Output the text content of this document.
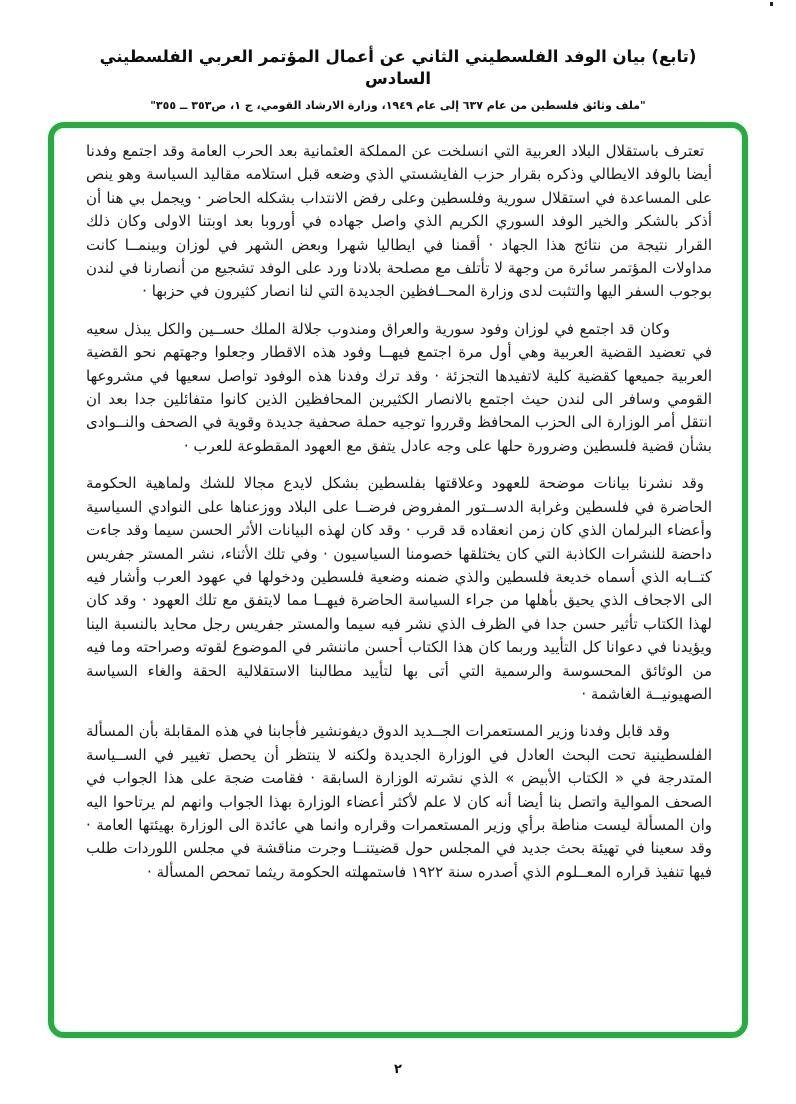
(تابع) بيان الوفد الفلسطيني الثاني عن أعمال المؤتمر العربي الفلسطيني السادس
"ملف وثائق فلسطين من عام ٦٣٧ إلى عام ١٩٤٩، وزارة الارشاد القومي، ج ١، ص٣٥٣ ــ ٣٥٥"

تعترف باستقلال البلاد العربية التي انسلخت عن المملكة العثمانية بعد الحرب العامة وقد اجتمع وفدنا أيضا بالوفد الايطالي وذكره بقرار حزب الفايشستي الذي وضعه قبل استلامه مقاليد السياسة وهو ينص على المساعدة في استقلال سورية وفلسطين وعلى رفض الانتداب بشكله الحاضر · ويجمل بي هنا أن أذكر بالشكر والخير الوفد السوري الكريم الذي واصل جهاده في أوروبا بعد اوبتنا الاولى وكان ذلك القرار نتيجة من نتائج هذا الجهاد · أقمنا في ايطاليا شهرا وبعض الشهر في لوزان وبينمــا كانت مداولات المؤتمر سائرة من وجهة لا تأتلف مع مصلحة بلادنا ورد على الوفد تشجيع من أنصارنا في لندن بوجوب السفر اليها والتثبت لدى وزارة المحــافظين الجديدة التي لنا انصار كثيرون في حزبها ·

وكان قد اجتمع في لوزان وفود سورية والعراق ومندوب جلالة الملك حســين والكل يبذل سعيه في تعضيد القضية العربية وهي أول مرة اجتمع فيهــا وفود هذه الاقطار وجعلوا وجهتهم نحو القضية العربية جميعها كقضية كلية لاتفيدها التجزئة · وقد ترك وفدنا هذه الوفود تواصل سعيها في مشروعها القومي وسافر الى لندن حيث اجتمع بالانصار الكثيرين المحافظين الذين كانوا متفائلين جدا بعد ان انتقل أمر الوزارة الى الحزب المحافظ وقرروا توجيه حملة صحفية جديدة وقوية في الصحف والنــوادى بشأن قضية فلسطين وضرورة حلها على وجه عادل يتفق مع العهود المقطوعة للعرب ·

وقد نشرنا بيانات موضحة للعهود وعلاقتها بفلسطين بشكل لايدع مجالا للشك ولماهية الحكومة الحاضرة في فلسطين وغرابة الدســتور المفروض فرضــا على البلاد ووزعناها على النوادي السياسية وأعضاء البرلمان الذي كان زمن انعقاده قد قرب · وقد كان لهذه البيانات الأثر الحسن سيما وقد جاءت داحضة للنشرات الكاذبة التي كان يختلقها خصومنا السياسيون · وفي تلك الأثناء، نشر المستر جفريس كتــابه الذي أسماه خديعة فلسطين والذي ضمنه وضعية فلسطين ودخولها في عهود العرب وأشار فيه الى الاجحاف الذي يحيق بأهلها من جراء السياسة الحاضرة فيهــا مما لايتفق مع تلك العهود · وقد كان لهذا الكتاب تأثير حسن جدا في الظرف الذي نشر فيه سيما والمستر جفريس رجل محايد بالنسبة الينا ويؤيدنا في دعوانا كل التأييد وربما كان هذا الكتاب أحسن ماننشر في الموضوع لقوته وصراحته وما فيه من الوثائق المحسوسة والرسمية التي أتى بها لتأييد مطالبنا الاستقلالية الحقة والغاء السياسة الصهيونيــة الغاشمة ·

وقد قابل وفدنا وزير المستعمرات الجــديد الدوق ديفونشير فأجابنا في هذه المقابلة بأن المسألة الفلسطينية تحت البحث العادل في الوزارة الجديدة ولكنه لا ينتظر أن يحصل تغيير في الســياسة المتدرجة في « الكتاب الأبيض » الذي نشرته الوزارة السابقة · فقامت ضجة على هذا الجواب في الصحف الموالية واتصل بنا أيضا أنه كان لا علم لأكثر أعضاء الوزارة بهذا الجواب وانهم لم يرتاحوا اليه وان المسألة ليست مناطة برأي وزير المستعمرات وقراره وانما هي عائدة الى الوزارة بهيئتها العامة · وقد سعينا في تهيئة بحث جديد في المجلس حول قضيتنــا وجرت مناقشة في مجلس اللوردات طلب فيها تنفيذ قراره المعــلوم الذي أصدره سنة ١٩٢٢ فاستمهلته الحكومة ريثما تمحص المسألة ·

٢
